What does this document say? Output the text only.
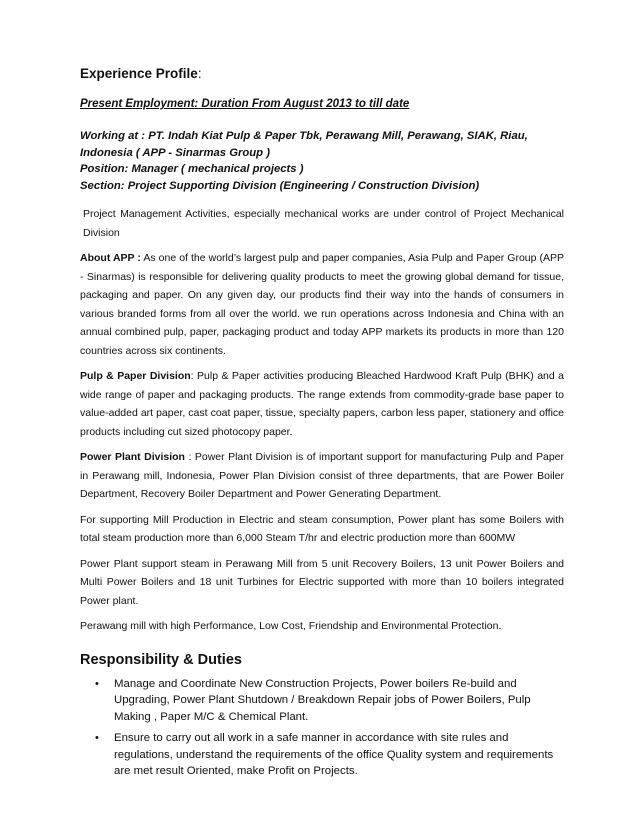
Experience Profile:
Present Employment: Duration From August 2013 to till date
Working at : PT. Indah Kiat Pulp & Paper Tbk, Perawang Mill, Perawang, SIAK, Riau,
Indonesia ( APP - Sinarmas Group )
Position: Manager ( mechanical projects )
Section: Project Supporting Division (Engineering / Construction Division)

Project Management Activities, especially mechanical works are under control of Project Mechanical Division

About APP : As one of the world’s largest pulp and paper companies, Asia Pulp and Paper Group (APP - Sinarmas) is responsible for delivering quality products to meet the growing global demand for tissue, packaging and paper. On any given day, our products find their way into the hands of consumers in various branded forms from all over the world. we run operations across Indonesia and China with an annual combined pulp, paper, packaging product and today APP markets its products in more than 120 countries across six continents.

Pulp & Paper Division: Pulp & Paper activities producing Bleached Hardwood Kraft Pulp (BHK) and a wide range of paper and packaging products. The range extends from commodity-grade base paper to value-added art paper, cast coat paper, tissue, specialty papers, carbon less paper, stationery and office products including cut sized photocopy paper.

Power Plant Division : Power Plant Division is of important support for manufacturing Pulp and Paper in Perawang mill, Indonesia, Power Plan Division consist of three departments, that are Power Boiler Department, Recovery Boiler Department and Power Generating Department.

For supporting Mill Production in Electric and steam consumption, Power plant has some Boilers with total steam production more than 6,000 Steam T/hr and electric production more than 600MW

Power Plant support steam in Perawang Mill from 5 unit Recovery Boilers, 13 unit Power Boilers and Multi Power Boilers and 18 unit Turbines for Electric supported with more than 10 boilers integrated Power plant.

Perawang mill with high Performance, Low Cost, Friendship and Environmental Protection.

Responsibility & Duties
• Manage and Coordinate New Construction Projects, Power boilers Re-build and Upgrading, Power Plant Shutdown / Breakdown Repair jobs of Power Boilers, Pulp Making , Paper M/C & Chemical Plant.
• Ensure to carry out all work in a safe manner in accordance with site rules and regulations, understand the requirements of the office Quality system and requirements are met result Oriented, make Profit on Projects.
